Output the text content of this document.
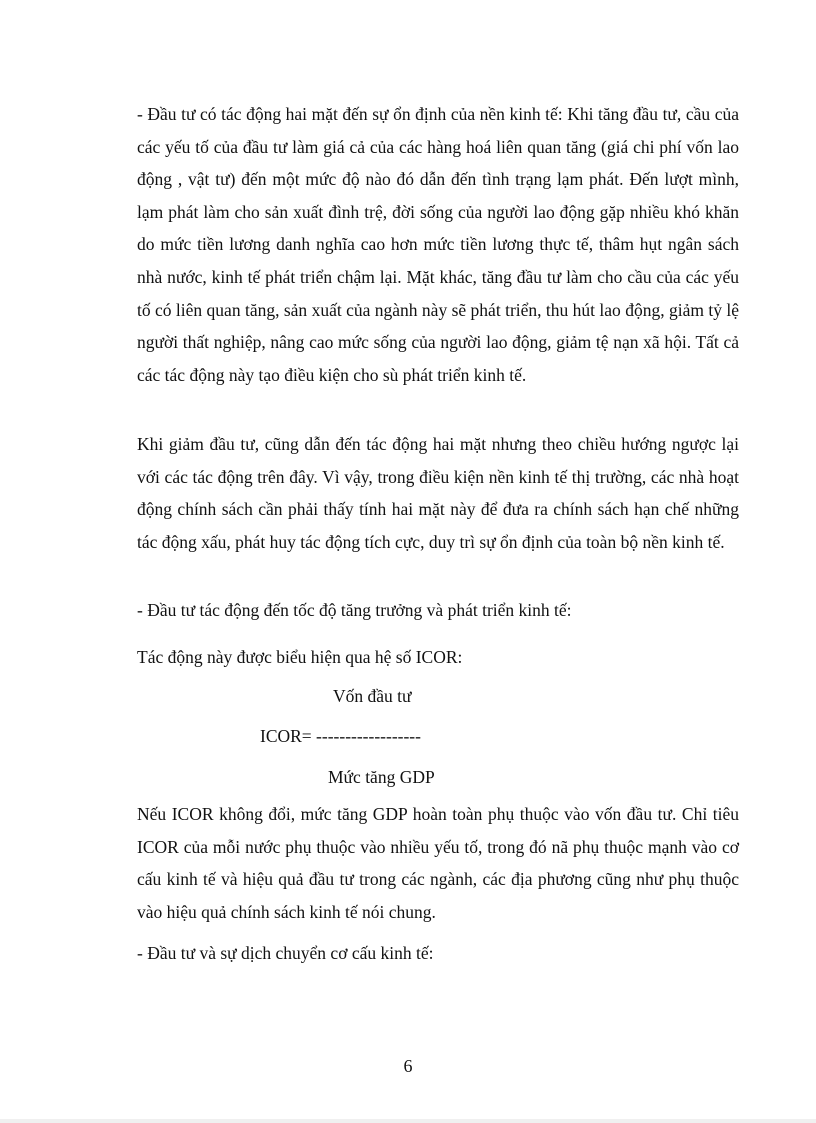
- Đầu tư có tác động hai mặt đến sự ổn định của nền kinh tế: Khi tăng đầu tư, cầu của các yếu tố của đầu tư làm giá cả của các hàng hoá liên quan tăng (giá chi phí vốn lao động , vật tư) đến một mức độ nào đó dẫn đến tình trạng lạm phát. Đến lượt mình, lạm phát làm cho sản xuất đình trệ, đời sống của người lao động gặp nhiều khó khăn do mức tiền lương danh nghĩa cao hơn mức tiền lương thực tế, thâm hụt ngân sách nhà nước, kinh tế phát triển chậm lại. Mặt khác, tăng đầu tư làm cho cầu của các yếu tố có liên quan tăng, sản xuất của ngành này sẽ phát triển, thu hút lao động, giảm tỷ lệ người thất nghiệp, nâng cao mức sống của người lao động, giảm tệ nạn xã hội. Tất cả các tác động này tạo điều kiện cho sù phát triển kinh tế.

Khi giảm đầu tư, cũng dẫn đến tác động hai mặt nhưng theo chiều hướng ngược lại với các tác động trên đây. Vì vậy, trong điều kiện nền kinh tế thị trường, các nhà hoạt động chính sách cần phải thấy tính hai mặt này để đưa ra chính sách hạn chế những tác động xấu, phát huy tác động tích cực, duy trì sự ổn định của toàn bộ nền kinh tế.

- Đầu tư tác động đến tốc độ tăng trưởng và phát triển kinh tế:

Tác động này được biểu hiện qua hệ số ICOR:

Vốn đầu tư

ICOR= ------------------

Mức tăng GDP

Nếu ICOR không đổi, mức tăng GDP hoàn toàn phụ thuộc vào vốn đầu tư. Chỉ tiêu ICOR của mỗi nước phụ thuộc vào nhiều yếu tố, trong đó nã phụ thuộc mạnh vào cơ cấu kinh tế và hiệu quả đầu tư trong các ngành, các địa phương cũng như phụ thuộc vào hiệu quả chính sách kinh tế nói chung.

- Đầu tư và sự dịch chuyển cơ cấu kinh tế:

6
